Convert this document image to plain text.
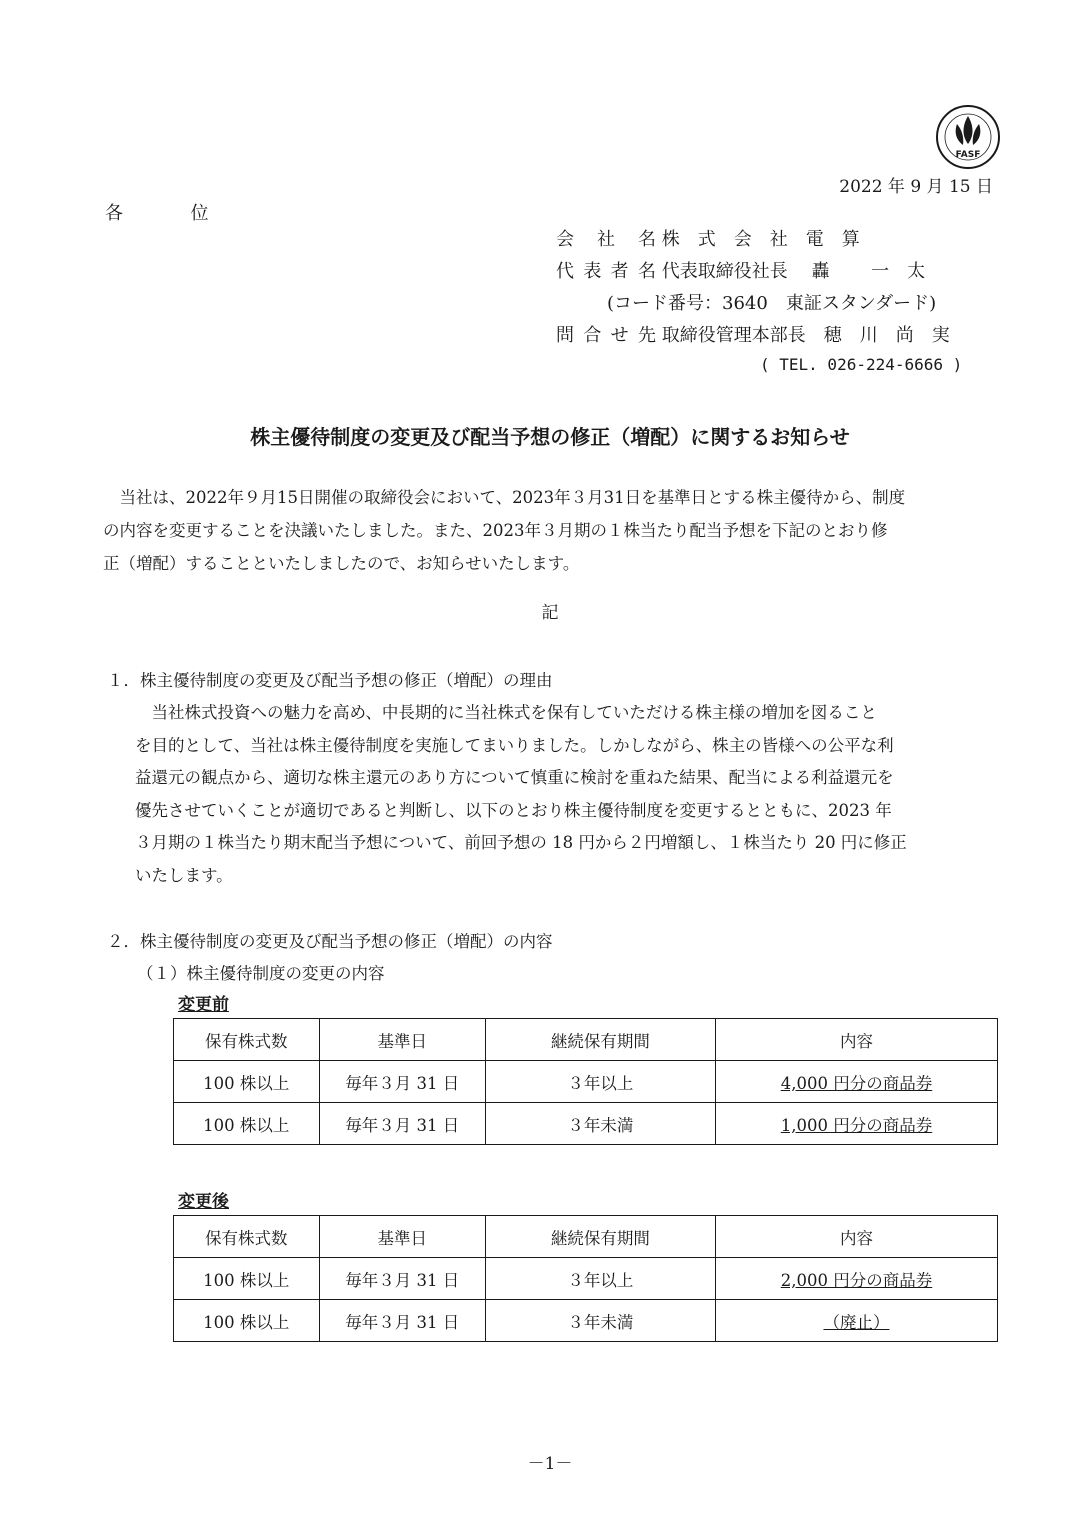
FASF
2022 年 9 月 15 日
各	位
会社名 株　式　会　社　電　算
代表者名 代表取締役社長　 轟　　 一　太
(コード番号：3640　東証スタンダード)
問合せ先 取締役管理本部長　穂　川　尚　実
( TEL. 026-224-6666 )
株主優待制度の変更及び配当予想の修正（増配）に関するお知らせ
　当社は、2022年９月15日開催の取締役会において、2023年３月31日を基準日とする株主優待から、制度
の内容を変更することを決議いたしました。また、2023年３月期の１株当たり配当予想を下記のとおり修
正（増配）することといたしましたので、お知らせいたします。
記
１．株主優待制度の変更及び配当予想の修正（増配）の理由
　当社株式投資への魅力を高め、中長期的に当社株式を保有していただける株主様の増加を図ること
を目的として、当社は株主優待制度を実施してまいりました。しかしながら、株主の皆様への公平な利
益還元の観点から、適切な株主還元のあり方について慎重に検討を重ねた結果、配当による利益還元を
優先させていくことが適切であると判断し、以下のとおり株主優待制度を変更するとともに、2023 年
３月期の１株当たり期末配当予想について、前回予想の 18 円から２円増額し、１株当たり 20 円に修正
いたします。
２．株主優待制度の変更及び配当予想の修正（増配）の内容
（１）株主優待制度の変更の内容
変更前
保有株式数	基準日	継続保有期間	内容
100 株以上	毎年３月 31 日	３年以上	4,000 円分の商品券
100 株以上	毎年３月 31 日	３年未満	1,000 円分の商品券
変更後
保有株式数	基準日	継続保有期間	内容
100 株以上	毎年３月 31 日	３年以上	2,000 円分の商品券
100 株以上	毎年３月 31 日	３年未満	（廃止）
－1－
